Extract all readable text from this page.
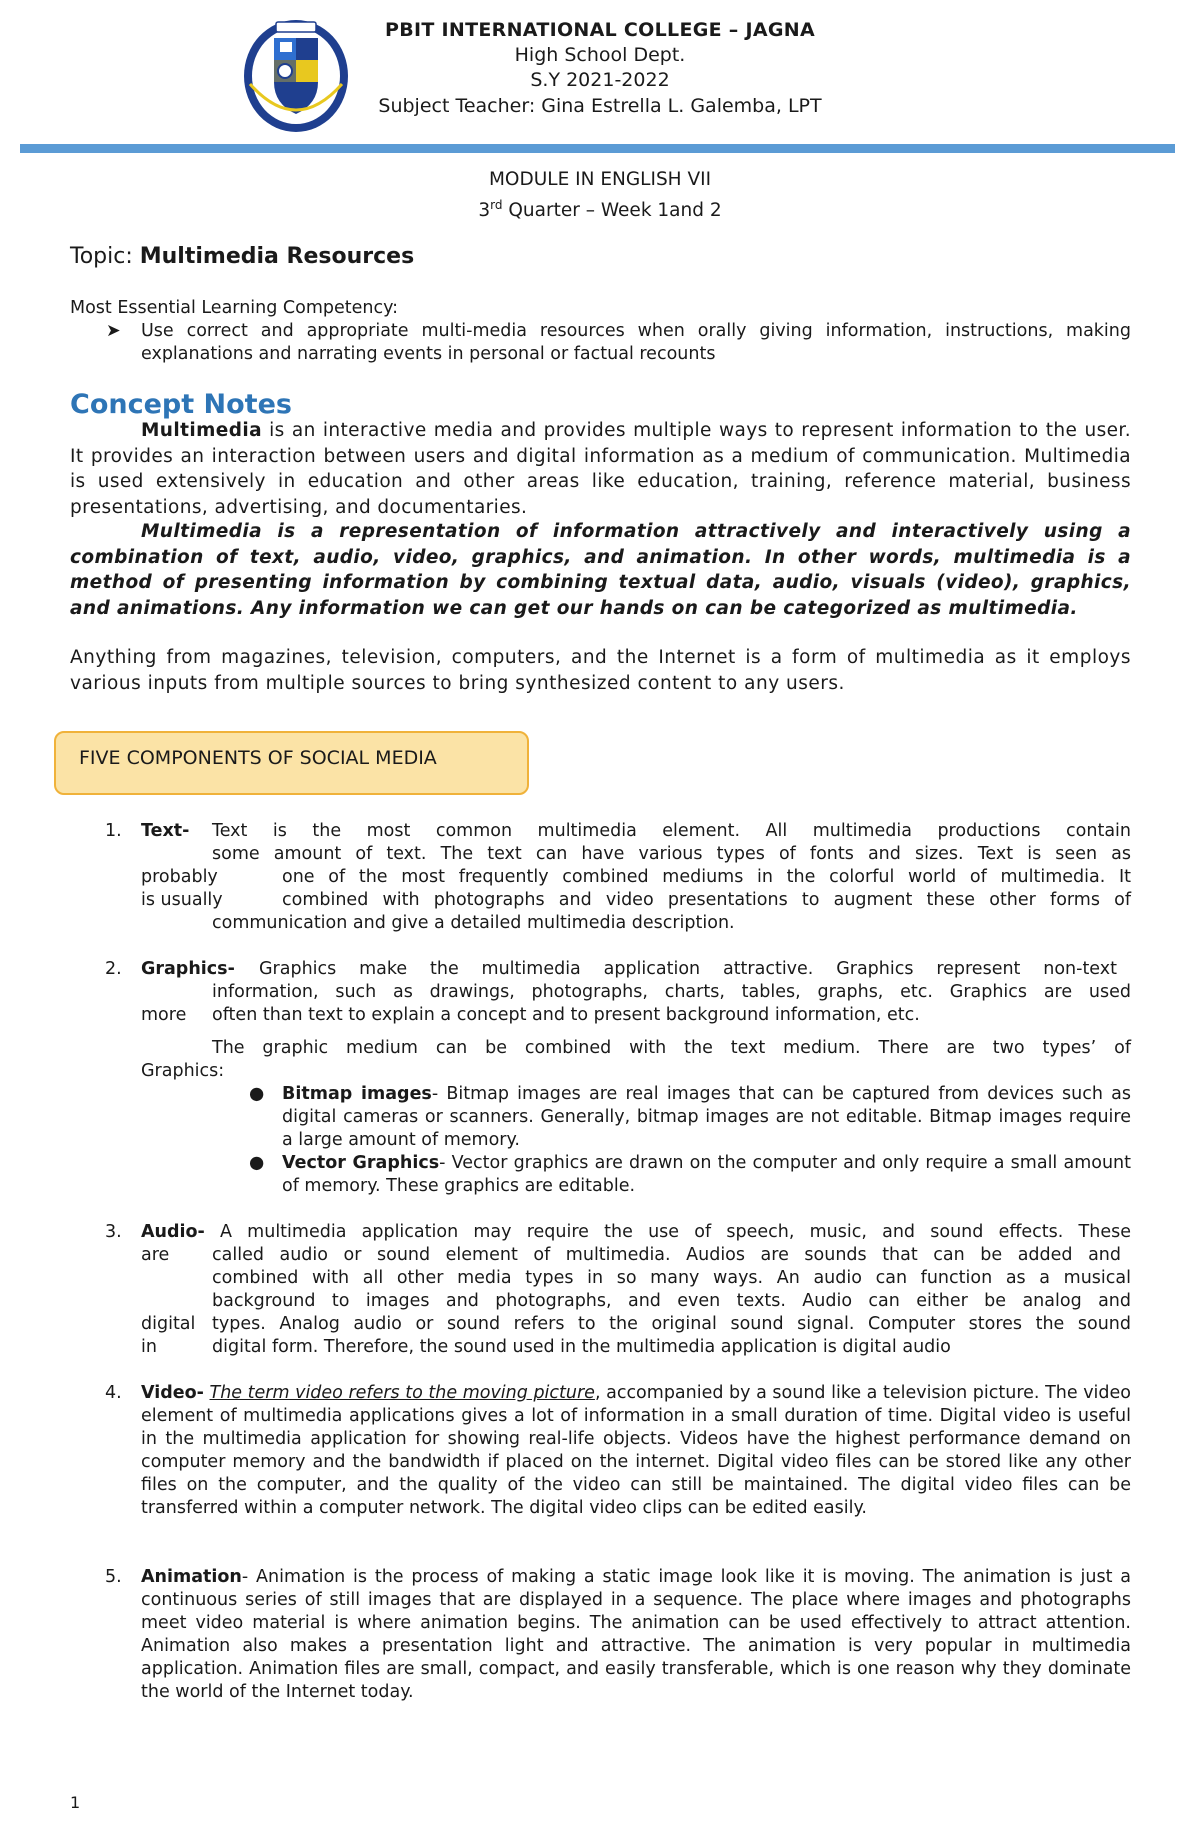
PBIT INTERNATIONAL COLLEGE – JAGNA
High School Dept.
S.Y 2021-2022
Subject Teacher: Gina Estrella L. Galemba, LPT
MODULE IN ENGLISH VII
3rd Quarter – Week 1and 2
Topic: Multimedia Resources
Most Essential Learning Competency:
➤ Use correct and appropriate multi-media resources when orally giving information, instructions, making explanations and narrating events in personal or factual recounts
Concept Notes
Multimedia is an interactive media and provides multiple ways to represent information to the user. It provides an interaction between users and digital information as a medium of communication. Multimedia is used extensively in education and other areas like education, training, reference material, business presentations, advertising, and documentaries.
Multimedia is a representation of information attractively and interactively using a combination of text, audio, video, graphics, and animation. In other words, multimedia is a method of presenting information by combining textual data, audio, visuals (video), graphics, and animations. Any information we can get our hands on can be categorized as multimedia.
Anything from magazines, television, computers, and the Internet is a form of multimedia as it employs various inputs from multiple sources to bring synthesized content to any users.
FIVE COMPONENTS OF SOCIAL MEDIA
1. Text- Text is the most common multimedia element. All multimedia productions contain
some amount of text. The text can have various types of fonts and sizes. Text is seen as
probably	one of the most frequently combined mediums in the colorful world of multimedia. It
is usually	combined with photographs and video presentations to augment these other forms of
communication and give a detailed multimedia description.
2. Graphics- Graphics make the multimedia application attractive. Graphics represent non-text
information, such as drawings, photographs, charts, tables, graphs, etc. Graphics are used
more often than text to explain a concept and to present background information, etc.
The graphic medium can be combined with the text medium. There are two types’ of
Graphics:
● Bitmap images- Bitmap images are real images that can be captured from devices such as digital cameras or scanners. Generally, bitmap images are not editable. Bitmap images require a large amount of memory.
● Vector Graphics- Vector graphics are drawn on the computer and only require a small amount of memory. These graphics are editable.
3. Audio- A multimedia application may require the use of speech, music, and sound effects. These
are called audio or sound element of multimedia. Audios are sounds that can be added and
combined with all other media types in so many ways. An audio can function as a musical
background to images and photographs, and even texts. Audio can either be analog and
digital types. Analog audio or sound refers to the original sound signal. Computer stores the sound
in	digital form. Therefore, the sound used in the multimedia application is digital audio
4. Video- The term video refers to the moving picture, accompanied by a sound like a television picture. The video element of multimedia applications gives a lot of information in a small duration of time. Digital video is useful in the multimedia application for showing real-life objects. Videos have the highest performance demand on computer memory and the bandwidth if placed on the internet. Digital video files can be stored like any other files on the computer, and the quality of the video can still be maintained. The digital video files can be transferred within a computer network. The digital video clips can be edited easily.
5. Animation- Animation is the process of making a static image look like it is moving. The animation is just a continuous series of still images that are displayed in a sequence. The place where images and photographs meet video material is where animation begins. The animation can be used effectively to attract attention. Animation also makes a presentation light and attractive. The animation is very popular in multimedia application. Animation files are small, compact, and easily transferable, which is one reason why they dominate the world of the Internet today.
1
